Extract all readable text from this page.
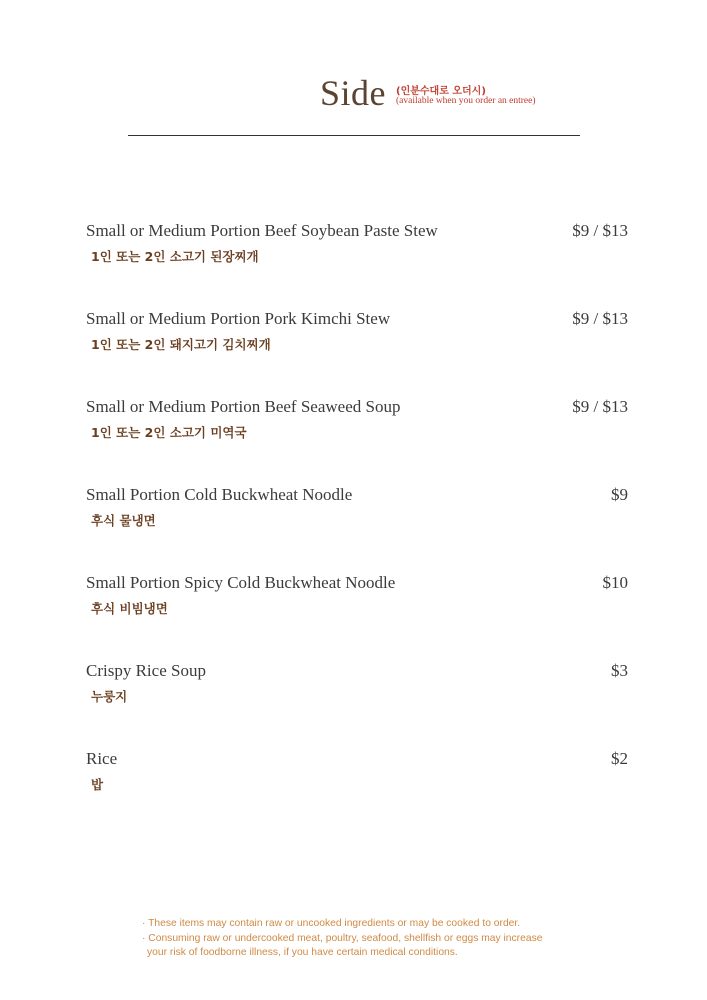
Side (인분수대로 오더시)
(available when you order an entree)
Small or Medium Portion Beef Soybean Paste Stew
1인 또는 2인 소고기 된장찌개
$9 / $13
Small or Medium Portion Pork Kimchi Stew
1인 또는 2인 돼지고기 김치찌개
$9 / $13
Small or Medium Portion Beef Seaweed Soup
1인 또는 2인 소고기 미역국
$9 / $13
Small Portion Cold Buckwheat Noodle
후식 물냉면
$9
Small Portion Spicy Cold Buckwheat Noodle
후식 비빔냉면
$10
Crispy Rice Soup
누룽지
$3
Rice
밥
$2
· These items may contain raw or uncooked ingredients or may be cooked to order.
· Consuming raw or undercooked meat, poultry, seafood, shellfish or eggs may increase
your risk of foodborne illness, if you have certain medical conditions.
